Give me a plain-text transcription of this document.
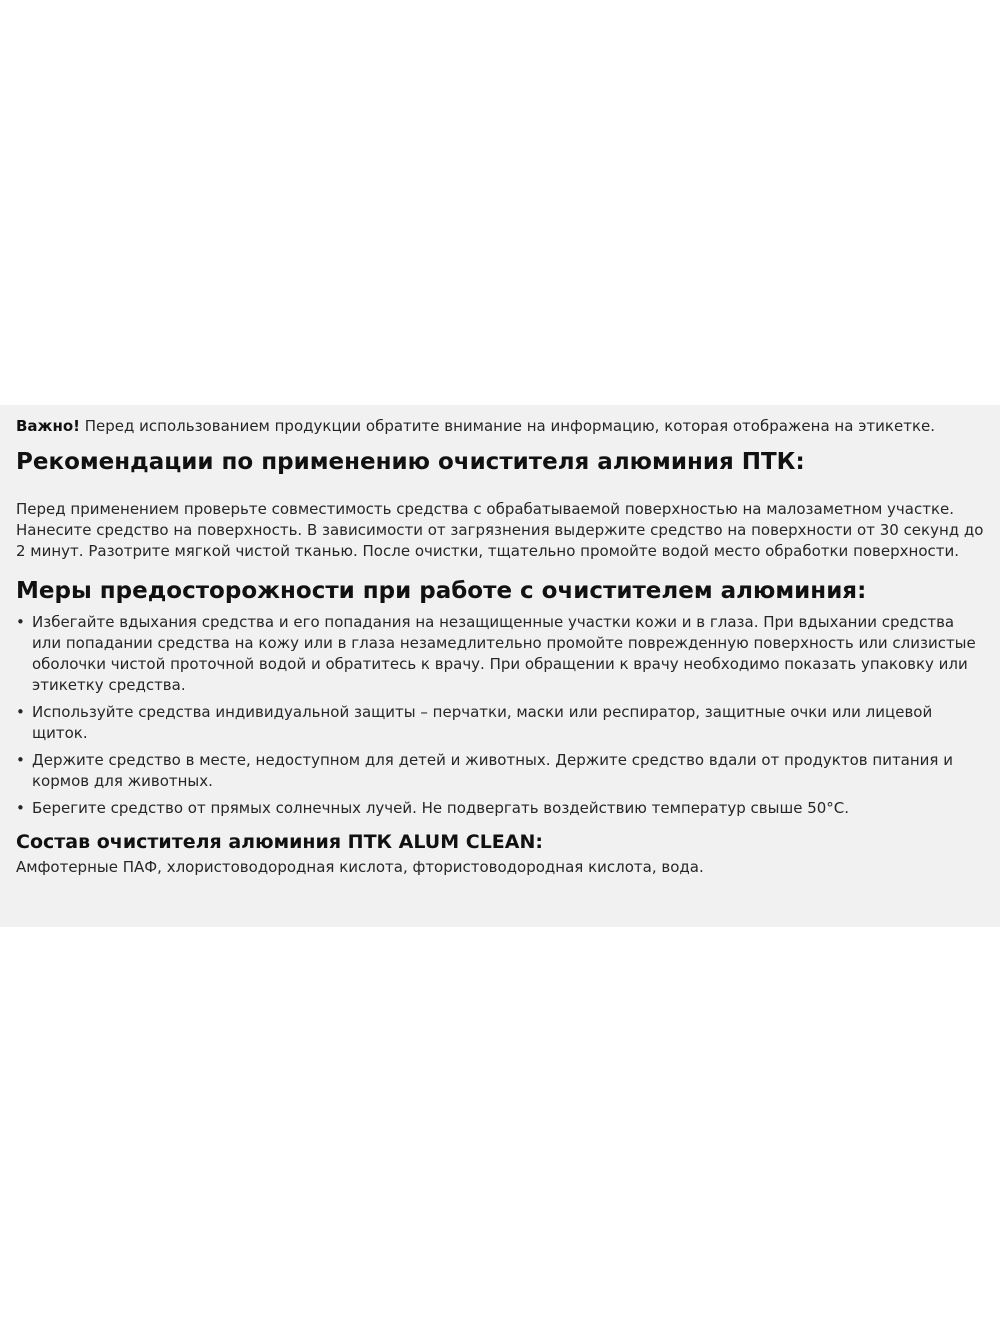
Важно! Перед использованием продукции обратите внимание на информацию, которая отображена на этикетке.

Рекомендации по применению очистителя алюминия ПТК:

Перед применением проверьте совместимость средства с обрабатываемой поверхностью на малозаметном участке. Нанесите средство на поверхность. В зависимости от загрязнения выдержите средство на поверхности от 30 секунд до 2 минут. Разотрите мягкой чистой тканью. После очистки, тщательно промойте водой место обработки поверхности.

Меры предосторожности при работе с очистителем алюминия:
• Избегайте вдыхания средства и его попадания на незащищенные участки кожи и в глаза. При вдыхании средства или попадании средства на кожу или в глаза незамедлительно промойте поврежденную поверхность или слизистые оболочки чистой проточной водой и обратитесь к врачу. При обращении к врачу необходимо показать упаковку или этикетку средства.
• Используйте средства индивидуальной защиты – перчатки, маски или респиратор, защитные очки или лицевой щиток.
• Держите средство в месте, недоступном для детей и животных. Держите средство вдали от продуктов питания и кормов для животных.
• Берегите средство от прямых солнечных лучей. Не подвергать воздействию температур свыше 50°C.
Состав очистителя алюминия ПТК ALUM CLEAN:

Амфотерные ПАФ, хлористоводородная кислота, фтористоводородная кислота, вода.
